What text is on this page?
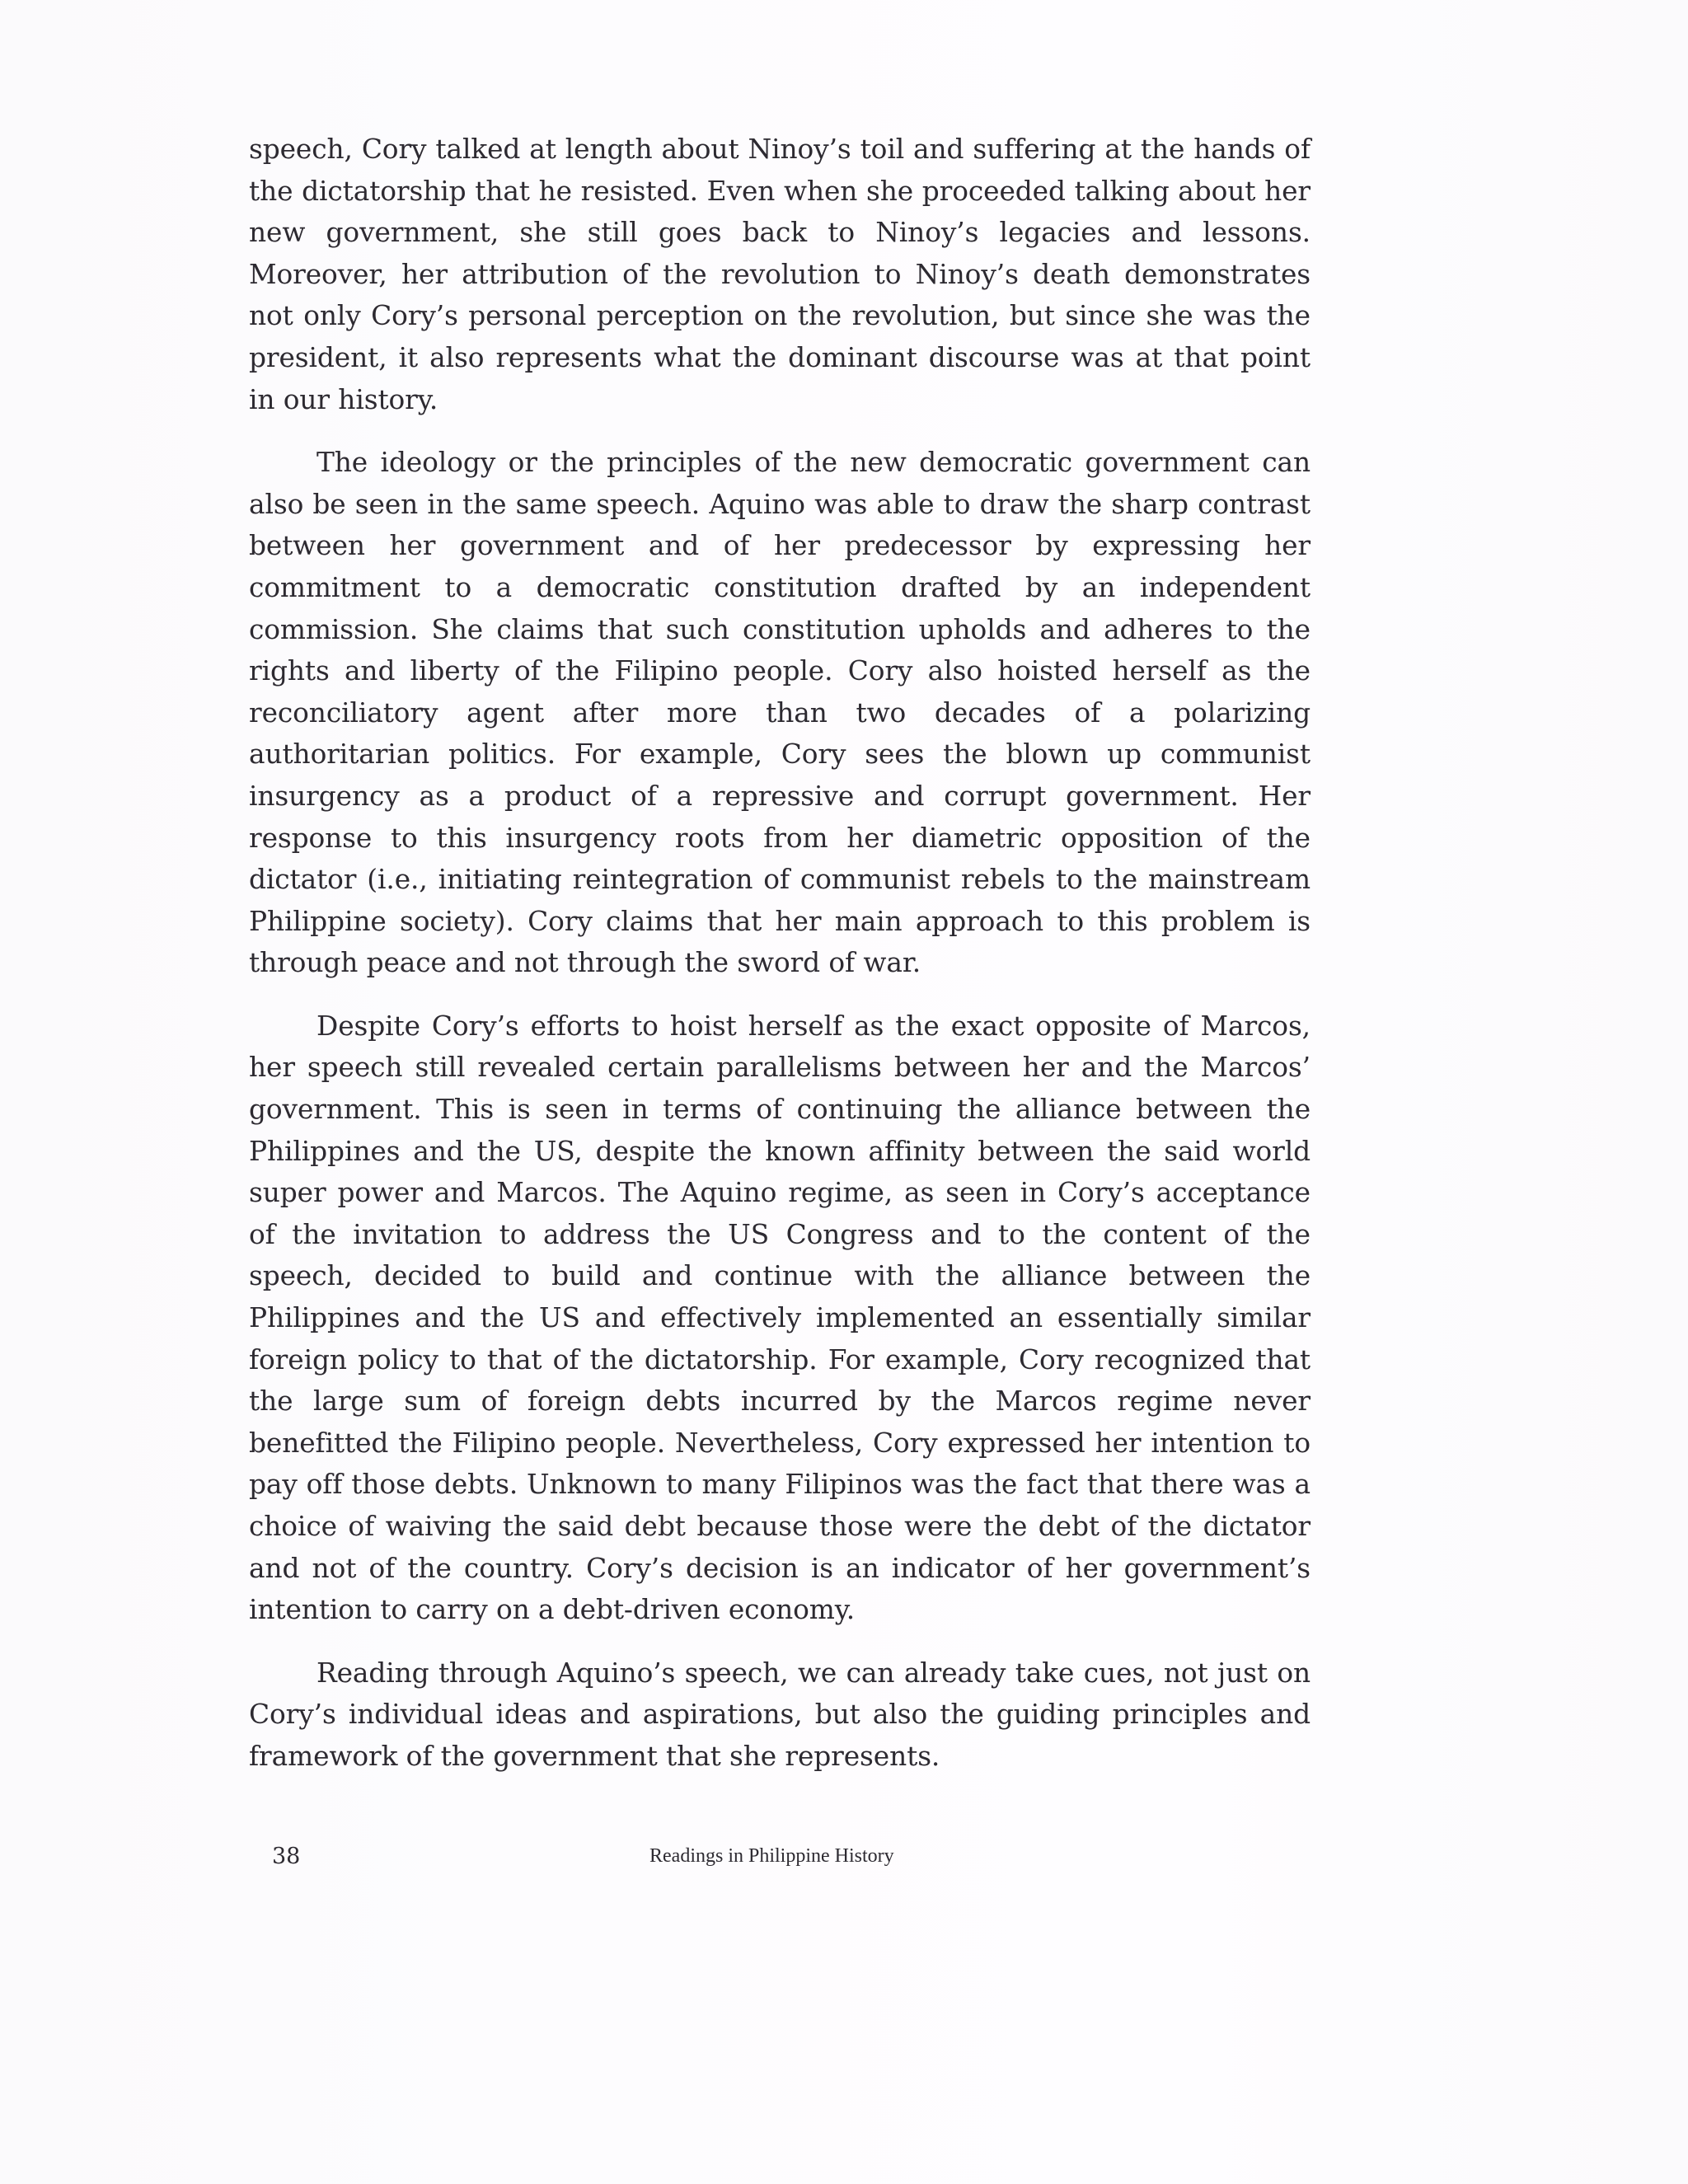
speech, Cory talked at length about Ninoy’s toil and suffering at the hands of the dictatorship that he resisted. Even when she proceeded talking about her new government, she still goes back to Ninoy’s legacies and lessons. Moreover, her attribution of the revolution to Ninoy’s death demonstrates not only Cory’s personal perception on the revolution, but since she was the president, it also represents what the dominant discourse was at that point in our history.

The ideology or the principles of the new democratic government can also be seen in the same speech. Aquino was able to draw the sharp contrast between her government and of her predecessor by expressing her commitment to a democratic constitution drafted by an independent commission. She claims that such constitution upholds and adheres to the rights and liberty of the Filipino people. Cory also hoisted herself as the reconciliatory agent after more than two decades of a polarizing authoritarian politics. For example, Cory sees the blown up communist insurgency as a product of a repressive and corrupt government. Her response to this insurgency roots from her diametric opposition of the dictator (i.e., initiating reintegration of communist rebels to the mainstream Philippine society). Cory claims that her main approach to this problem is through peace and not through the sword of war.

Despite Cory’s efforts to hoist herself as the exact opposite of Marcos, her speech still revealed certain parallelisms between her and the Marcos’ government. This is seen in terms of continuing the alliance between the Philippines and the US, despite the known affinity between the said world super power and Marcos. The Aquino regime, as seen in Cory’s acceptance of the invitation to address the US Congress and to the content of the speech, decided to build and continue with the alliance between the Philippines and the US and effectively implemented an essentially similar foreign policy to that of the dictatorship. For example, Cory recognized that the large sum of foreign debts incurred by the Marcos regime never benefitted the Filipino people. Nevertheless, Cory expressed her intention to pay off those debts. Unknown to many Filipinos was the fact that there was a choice of waiving the said debt because those were the debt of the dictator and not of the country. Cory’s decision is an indicator of her government’s intention to carry on a debt-driven economy.

Reading through Aquino’s speech, we can already take cues, not just on Cory’s individual ideas and aspirations, but also the guiding principles and framework of the government that she represents.

38	Readings in Philippine History
